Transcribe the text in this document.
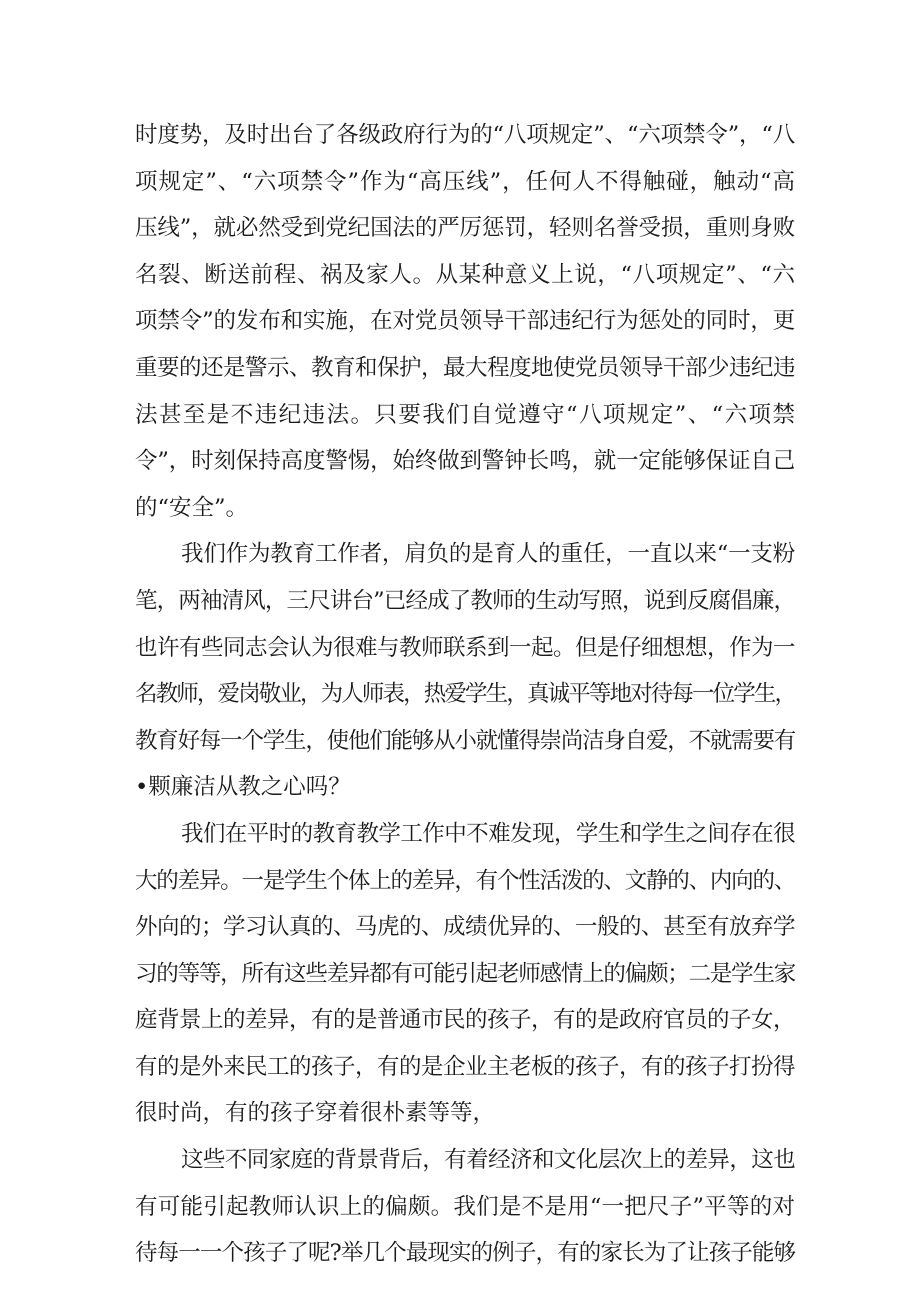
时度势，及时出台了各级政府行为的“八项规定”、“六项禁令”，“八
项规定”、“六项禁令”作为“高压线”，任何人不得触碰，触动“高
压线”，就必然受到党纪国法的严厉惩罚，轻则名誉受损，重则身败
名裂、断送前程、祸及家人。从某种意义上说，“八项规定”、“六
项禁令”的发布和实施，在对党员领导干部违纪行为惩处的同时，更
重要的还是警示、教育和保护，最大程度地使党员领导干部少违纪违
法甚至是不违纪违法。只要我们自觉遵守“八项规定”、“六项禁
令”，时刻保持高度警惕，始终做到警钟长鸣，就一定能够保证自己
的“安全”。
我们作为教育工作者，肩负的是育人的重任，一直以来“一支粉
笔，两袖清风，三尺讲台”已经成了教师的生动写照，说到反腐倡廉，
也许有些同志会认为很难与教师联系到一起。但是仔细想想，作为一
名教师，爱岗敬业，为人师表，热爱学生，真诚平等地对待每一位学生，
教育好每一个学生，使他们能够从小就懂得崇尚洁身自爱，不就需要有
•颗廉洁从教之心吗？
我们在平时的教育教学工作中不难发现，学生和学生之间存在很
大的差异。一是学生个体上的差异，有个性活泼的、文静的、内向的、
外向的；学习认真的、马虎的、成绩优异的、一般的、甚至有放弃学
习的等等，所有这些差异都有可能引起老师感情上的偏颇；二是学生家
庭背景上的差异，有的是普通市民的孩子，有的是政府官员的子女，
有的是外来民工的孩子，有的是企业主老板的孩子，有的孩子打扮得
很时尚，有的孩子穿着很朴素等等，
这些不同家庭的背景背后，有着经济和文化层次上的差异，这也
有可能引起教师认识上的偏颇。我们是不是用“一把尺子”平等的对
待每一一个孩子了呢?举几个最现实的例子，有的家长为了让孩子能够
